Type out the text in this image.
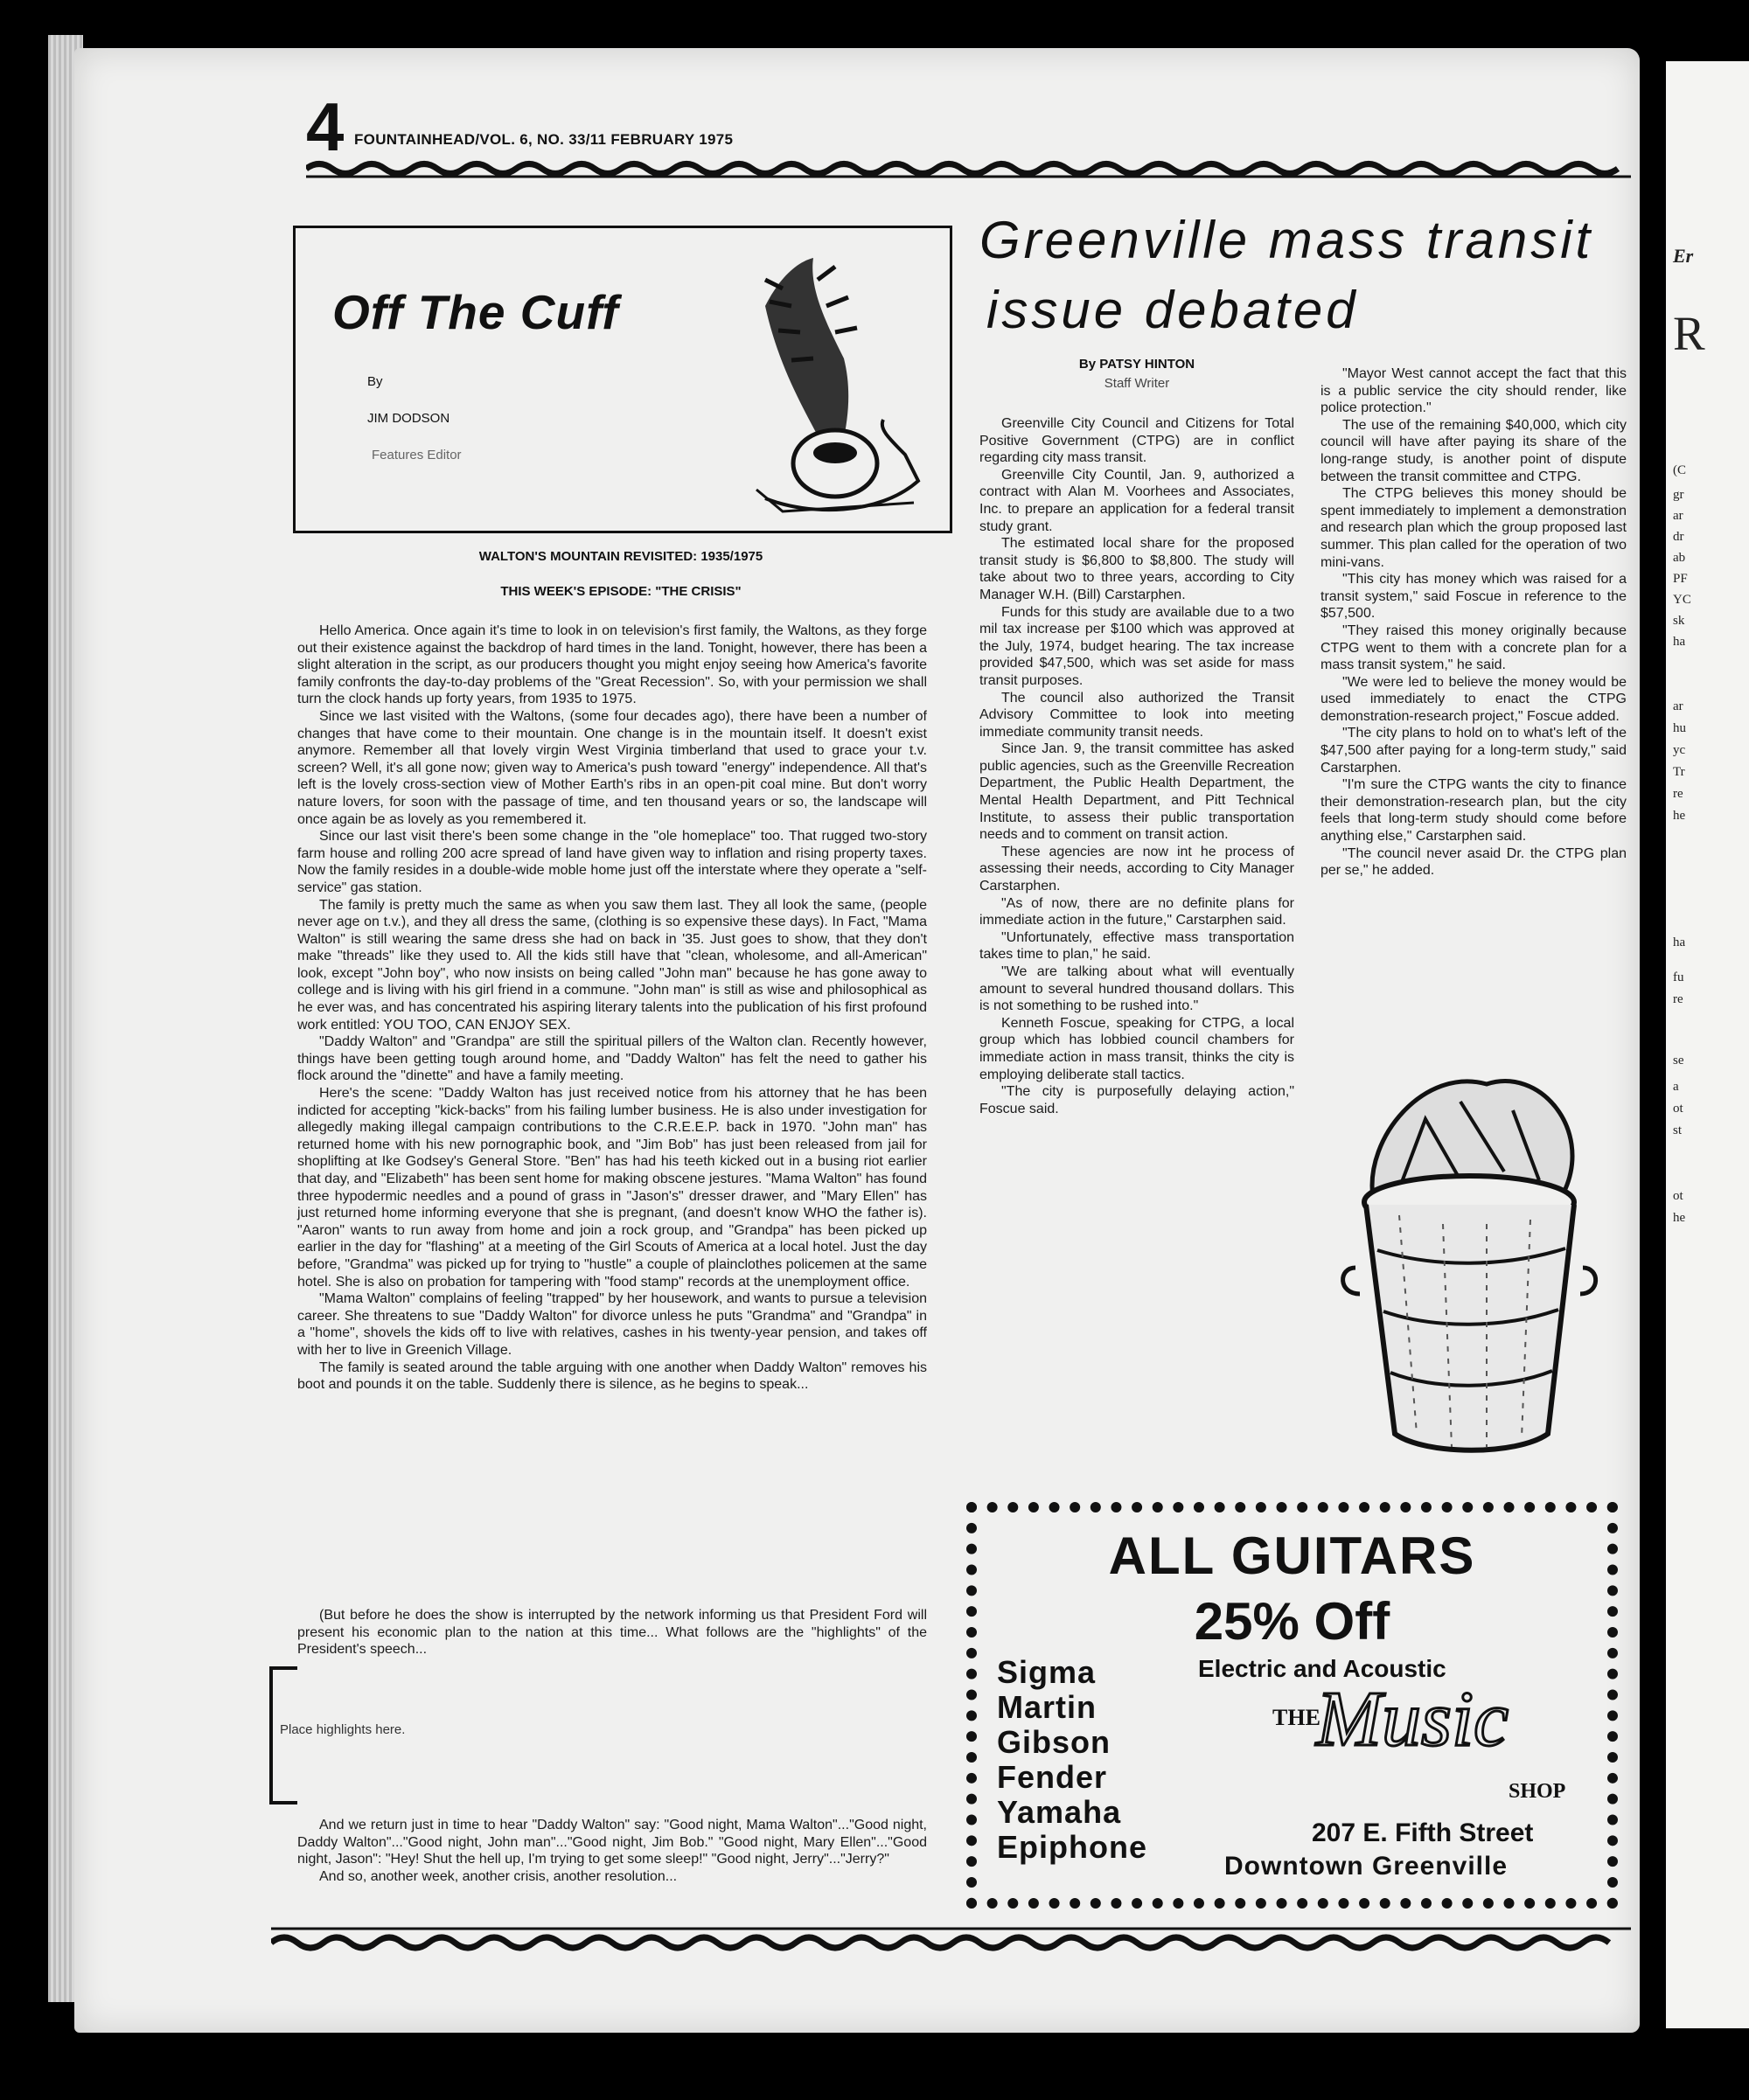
Er
R
(C
gr
ar
dr
ab
PF
YC
sk
ha
ar
hu
yc
Tr
re
he
ha
fu
re
se
a
ot
st
ot
he
4 FOUNTAINHEAD/VOL. 6, NO. 33/11 FEBRUARY 1975
Off The Cuff
By
JIM DODSON
Features Editor
WALTON'S MOUNTAIN REVISITED: 1935/1975
THIS WEEK'S EPISODE: "THE CRISIS"

Hello America. Once again it's time to look in on television's first family, the Waltons, as they forge out their existence against the backdrop of hard times in the land. Tonight, however, there has been a slight alteration in the script, as our producers thought you might enjoy seeing how America's favorite family confronts the day-to-day problems of the "Great Recession". So, with your permission we shall turn the clock hands up forty years, from 1935 to 1975.

Since we last visited with the Waltons, (some four decades ago), there have been a number of changes that have come to their mountain. One change is in the mountain itself. It doesn't exist anymore. Remember all that lovely virgin West Virginia timberland that used to grace your t.v. screen? Well, it's all gone now; given way to America's push toward "energy" independence. All that's left is the lovely cross-section view of Mother Earth's ribs in an open-pit coal mine. But don't worry nature lovers, for soon with the passage of time, and ten thousand years or so, the landscape will once again be as lovely as you remembered it.

Since our last visit there's been some change in the "ole homeplace" too. That rugged two-story farm house and rolling 200 acre spread of land have given way to inflation and rising property taxes. Now the family resides in a double-wide moble home just off the interstate where they operate a "self-service" gas station.

The family is pretty much the same as when you saw them last. They all look the same, (people never age on t.v.), and they all dress the same, (clothing is so expensive these days). In Fact, "Mama Walton" is still wearing the same dress she had on back in '35. Just goes to show, that they don't make "threads" like they used to. All the kids still have that "clean, wholesome, and all-American" look, except "John boy", who now insists on being called "John man" because he has gone away to college and is living with his girl friend in a commune. "John man" is still as wise and philosophical as he ever was, and has concentrated his aspiring literary talents into the publication of his first profound work entitled: YOU TOO, CAN ENJOY SEX.

"Daddy Walton" and "Grandpa" are still the spiritual pillers of the Walton clan. Recently however, things have been getting tough around home, and "Daddy Walton" has felt the need to gather his flock around the "dinette" and have a family meeting.

Here's the scene: "Daddy Walton has just received notice from his attorney that he has been indicted for accepting "kick-backs" from his failing lumber business. He is also under investigation for allegedly making illegal campaign contributions to the C.R.E.E.P. back in 1970. "John man" has returned home with his new pornographic book, and "Jim Bob" has just been released from jail for shoplifting at Ike Godsey's General Store. "Ben" has had his teeth kicked out in a busing riot earlier that day, and "Elizabeth" has been sent home for making obscene jestures. "Mama Walton" has found three hypodermic needles and a pound of grass in "Jason's" dresser drawer, and "Mary Ellen" has just returned home informing everyone that she is pregnant, (and doesn't know WHO the father is). "Aaron" wants to run away from home and join a rock group, and "Grandpa" has been picked up earlier in the day for "flashing" at a meeting of the Girl Scouts of America at a local hotel. Just the day before, "Grandma" was picked up for trying to "hustle" a couple of plainclothes policemen at the same hotel. She is also on probation for tampering with "food stamp" records at the unemployment office.

"Mama Walton" complains of feeling "trapped" by her housework, and wants to pursue a television career. She threatens to sue "Daddy Walton" for divorce unless he puts "Grandma" and "Grandpa" in a "home", shovels the kids off to live with relatives, cashes in his twenty-year pension, and takes off with her to live in Greenich Village.

The family is seated around the table arguing with one another when Daddy Walton" removes his boot and pounds it on the table. Suddenly there is silence, as he begins to speak...

(But before he does the show is interrupted by the network informing us that President Ford will present his economic plan to the nation at this time... What follows are the "highlights" of the President's speech...

Place highlights here.

And we return just in time to hear "Daddy Walton" say: "Good night, Mama Walton"..."Good night, Daddy Walton"..."Good night, John man"..."Good night, Jim Bob." "Good night, Mary Ellen"..."Good night, Jason": "Hey! Shut the hell up, I'm trying to get some sleep!" "Good night, Jerry"..."Jerry?"

And so, another week, another crisis, another resolution...

Greenville mass transit
issue debated
By PATSY HINTON
Staff Writer

Greenville City Council and Citizens for Total Positive Government (CTPG) are in conflict regarding city mass transit.

Greenville City Countil, Jan. 9, authorized a contract with Alan M. Voorhees and Associates, Inc. to prepare an application for a federal transit study grant.

The estimated local share for the proposed transit study is $6,800 to $8,800. The study will take about two to three years, according to City Manager W.H. (Bill) Carstarphen.

Funds for this study are available due to a two mil tax increase per $100 which was approved at the July, 1974, budget hearing. The tax increase provided $47,500, which was set aside for mass transit purposes.

The council also authorized the Transit Advisory Committee to look into meeting immediate community transit needs.

Since Jan. 9, the transit committee has asked public agencies, such as the Greenville Recreation Department, the Public Health Department, the Mental Health Department, and Pitt Technical Institute, to assess their public transportation needs and to comment on transit action.

These agencies are now int he process of assessing their needs, according to City Manager Carstarphen.

"As of now, there are no definite plans for immediate action in the future," Carstarphen said.

"Unfortunately, effective mass transportation takes time to plan," he said.

"We are talking about what will eventually amount to several hundred thousand dollars. This is not something to be rushed into."

Kenneth Foscue, speaking for CTPG, a local group which has lobbied council chambers for immediate action in mass transit, thinks the city is employing deliberate stall tactics.

"The city is purposefully delaying action," Foscue said.

"Mayor West cannot accept the fact that this is a public service the city should render, like police protection."

The use of the remaining $40,000, which city council will have after paying its share of the long-range study, is another point of dispute between the transit committee and CTPG.

The CTPG believes this money should be spent immediately to implement a demonstration and research plan which the group proposed last summer. This plan called for the operation of two mini-vans.

"This city has money which was raised for a transit system," said Foscue in reference to the $57,500.

"They raised this money originally because CTPG went to them with a concrete plan for a mass transit system," he said.

"We were led to believe the money would be used immediately to enact the CTPG demonstration-research project," Foscue added.

"The city plans to hold on to what's left of the $47,500 after paying for a long-term study," said Carstarphen.

"I'm sure the CTPG wants the city to finance their demonstration-research plan, but the city feels that long-term study should come before anything else," Carstarphen said.

"The council never asaid Dr. the CTPG plan per se," he added.

ALL GUITARS
25% Off
Electric and Acoustic
Sigma
Martin
Gibson
Fender
Yamaha
Epiphone
THE
Music
SHOP
207 E. Fifth Street
Downtown Greenville
